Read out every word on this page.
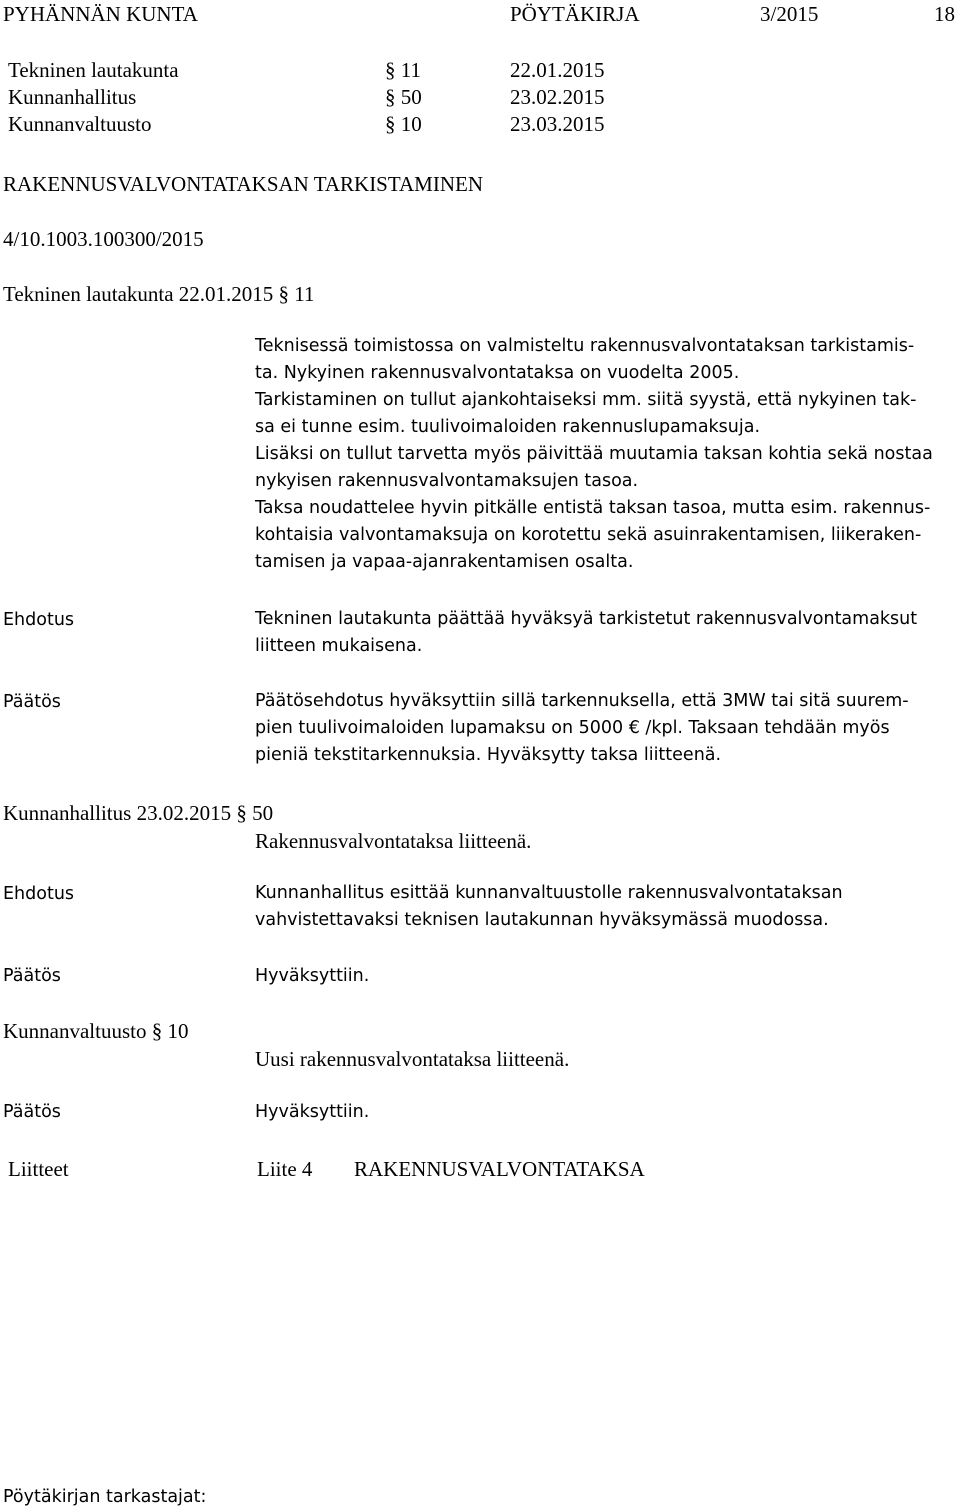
PYHÄNNÄN KUNTA	PÖYTÄKIRJA	3/2015	18
Tekninen lautakunta	§ 11	22.01.2015
Kunnanhallitus	§ 50	23.02.2015
Kunnanvaltuusto	§ 10	23.03.2015
RAKENNUSVALVONTATAKSAN TARKISTAMINEN
4/10.1003.100300/2015
Tekninen lautakunta 22.01.2015 § 11
Teknisessä toimistossa on valmisteltu rakennusvalvontataksan tarkistamis-
ta. Nykyinen rakennusvalvontataksa on vuodelta 2005.
Tarkistaminen on tullut ajankohtaiseksi mm. siitä syystä, että nykyinen tak-
sa ei tunne esim. tuulivoimaloiden rakennuslupamaksuja.
Lisäksi on tullut tarvetta myös päivittää muutamia taksan kohtia sekä nostaa
nykyisen rakennusvalvontamaksujen tasoa.
Taksa noudattelee hyvin pitkälle entistä taksan tasoa, mutta esim. rakennus-
kohtaisia valvontamaksuja on korotettu sekä asuinrakentamisen, liikeraken-
tamisen ja vapaa-ajanrakentamisen osalta.
Ehdotus	Tekninen lautakunta päättää hyväksyä tarkistetut rakennusvalvontamaksut
liitteen mukaisena.
Päätös	Päätösehdotus hyväksyttiin sillä tarkennuksella, että 3MW tai sitä suurem-
pien tuulivoimaloiden lupamaksu on 5000 € /kpl. Taksaan tehdään myös
pieniä tekstitarkennuksia. Hyväksytty taksa liitteenä.
Kunnanhallitus 23.02.2015 § 50
Rakennusvalvontataksa liitteenä.
Ehdotus	Kunnanhallitus esittää kunnanvaltuustolle rakennusvalvontataksan
vahvistettavaksi teknisen lautakunnan hyväksymässä muodossa.
Päätös	Hyväksyttiin.
Kunnanvaltuusto § 10
Uusi rakennusvalvontataksa liitteenä.
Päätös	Hyväksyttiin.
Liitteet	Liite 4 RAKENNUSVALVONTATAKSA
Pöytäkirjan tarkastajat:
